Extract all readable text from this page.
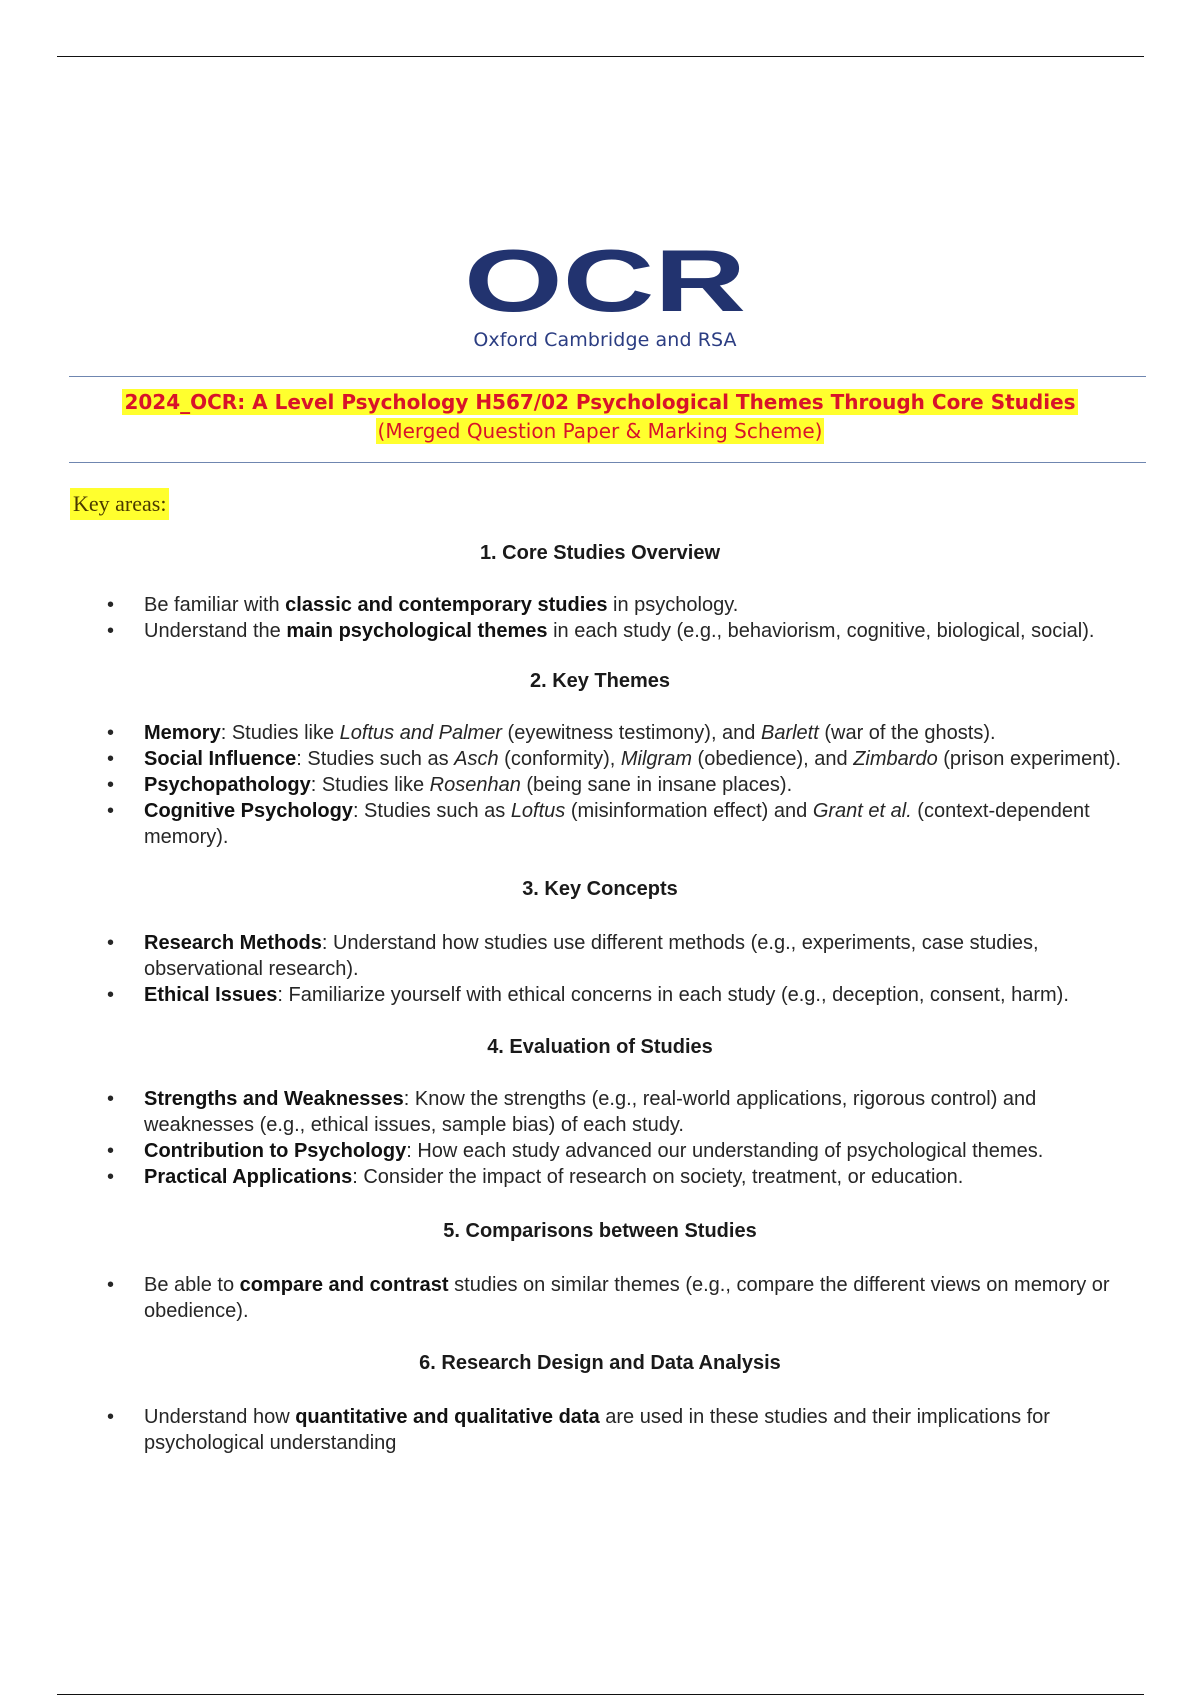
OCR
Oxford Cambridge and RSA
2024_OCR: A Level Psychology H567/02 Psychological Themes Through Core Studies
(Merged Question Paper & Marking Scheme)
Key areas:
1. Core Studies Overview
• Be familiar with classic and contemporary studies in psychology.
• Understand the main psychological themes in each study (e.g., behaviorism, cognitive, biological, social).
2. Key Themes
• Memory: Studies like Loftus and Palmer (eyewitness testimony), and Barlett (war of the ghosts).
• Social Influence: Studies such as Asch (conformity), Milgram (obedience), and Zimbardo (prison experiment).
• Psychopathology: Studies like Rosenhan (being sane in insane places).
• Cognitive Psychology: Studies such as Loftus (misinformation effect) and Grant et al. (context-dependent memory).
3. Key Concepts
• Research Methods: Understand how studies use different methods (e.g., experiments, case studies, observational research).
• Ethical Issues: Familiarize yourself with ethical concerns in each study (e.g., deception, consent, harm).
4. Evaluation of Studies
• Strengths and Weaknesses: Know the strengths (e.g., real-world applications, rigorous control) and weaknesses (e.g., ethical issues, sample bias) of each study.
• Contribution to Psychology: How each study advanced our understanding of psychological themes.
• Practical Applications: Consider the impact of research on society, treatment, or education.
5. Comparisons between Studies
• Be able to compare and contrast studies on similar themes (e.g., compare the different views on memory or obedience).
6. Research Design and Data Analysis
• Understand how quantitative and qualitative data are used in these studies and their implications for psychological understanding
